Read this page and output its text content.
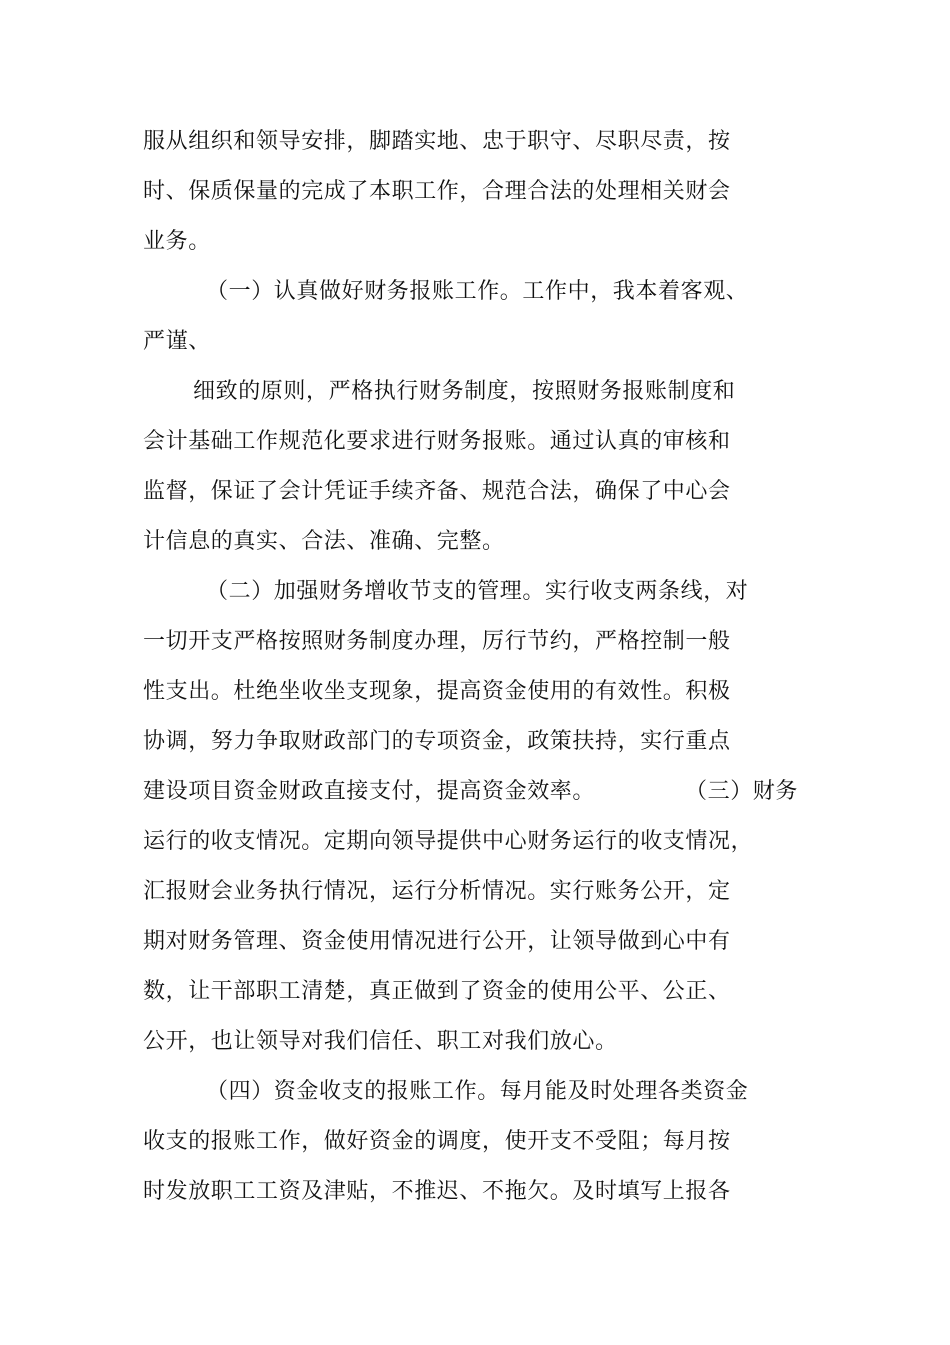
服从组织和领导安排，脚踏实地、忠于职守、尽职尽责，按
时、保质保量的完成了本职工作，合理合法的处理相关财会
业务。
（一）认真做好财务报账工作。工作中，我本着客观、
严谨、
细致的原则，严格执行财务制度，按照财务报账制度和
会计基础工作规范化要求进行财务报账。通过认真的审核和
监督，保证了会计凭证手续齐备、规范合法，确保了中心会
计信息的真实、合法、准确、完整。
（二）加强财务增收节支的管理。实行收支两条线，对
一切开支严格按照财务制度办理，厉行节约，严格控制一般
性支出。杜绝坐收坐支现象，提高资金使用的有效性。积极
协调，努力争取财政部门的专项资金，政策扶持，实行重点
建设项目资金财政直接支付，提高资金效率。	（三）财务
运行的收支情况。定期向领导提供中心财务运行的收支情况，
汇报财会业务执行情况，运行分析情况。实行账务公开，定
期对财务管理、资金使用情况进行公开，让领导做到心中有
数，让干部职工清楚，真正做到了资金的使用公平、公正、
公开，也让领导对我们信任、职工对我们放心。
（四）资金收支的报账工作。每月能及时处理各类资金
收支的报账工作，做好资金的调度，使开支不受阻；每月按
时发放职工工资及津贴，不推迟、不拖欠。及时填写上报各
